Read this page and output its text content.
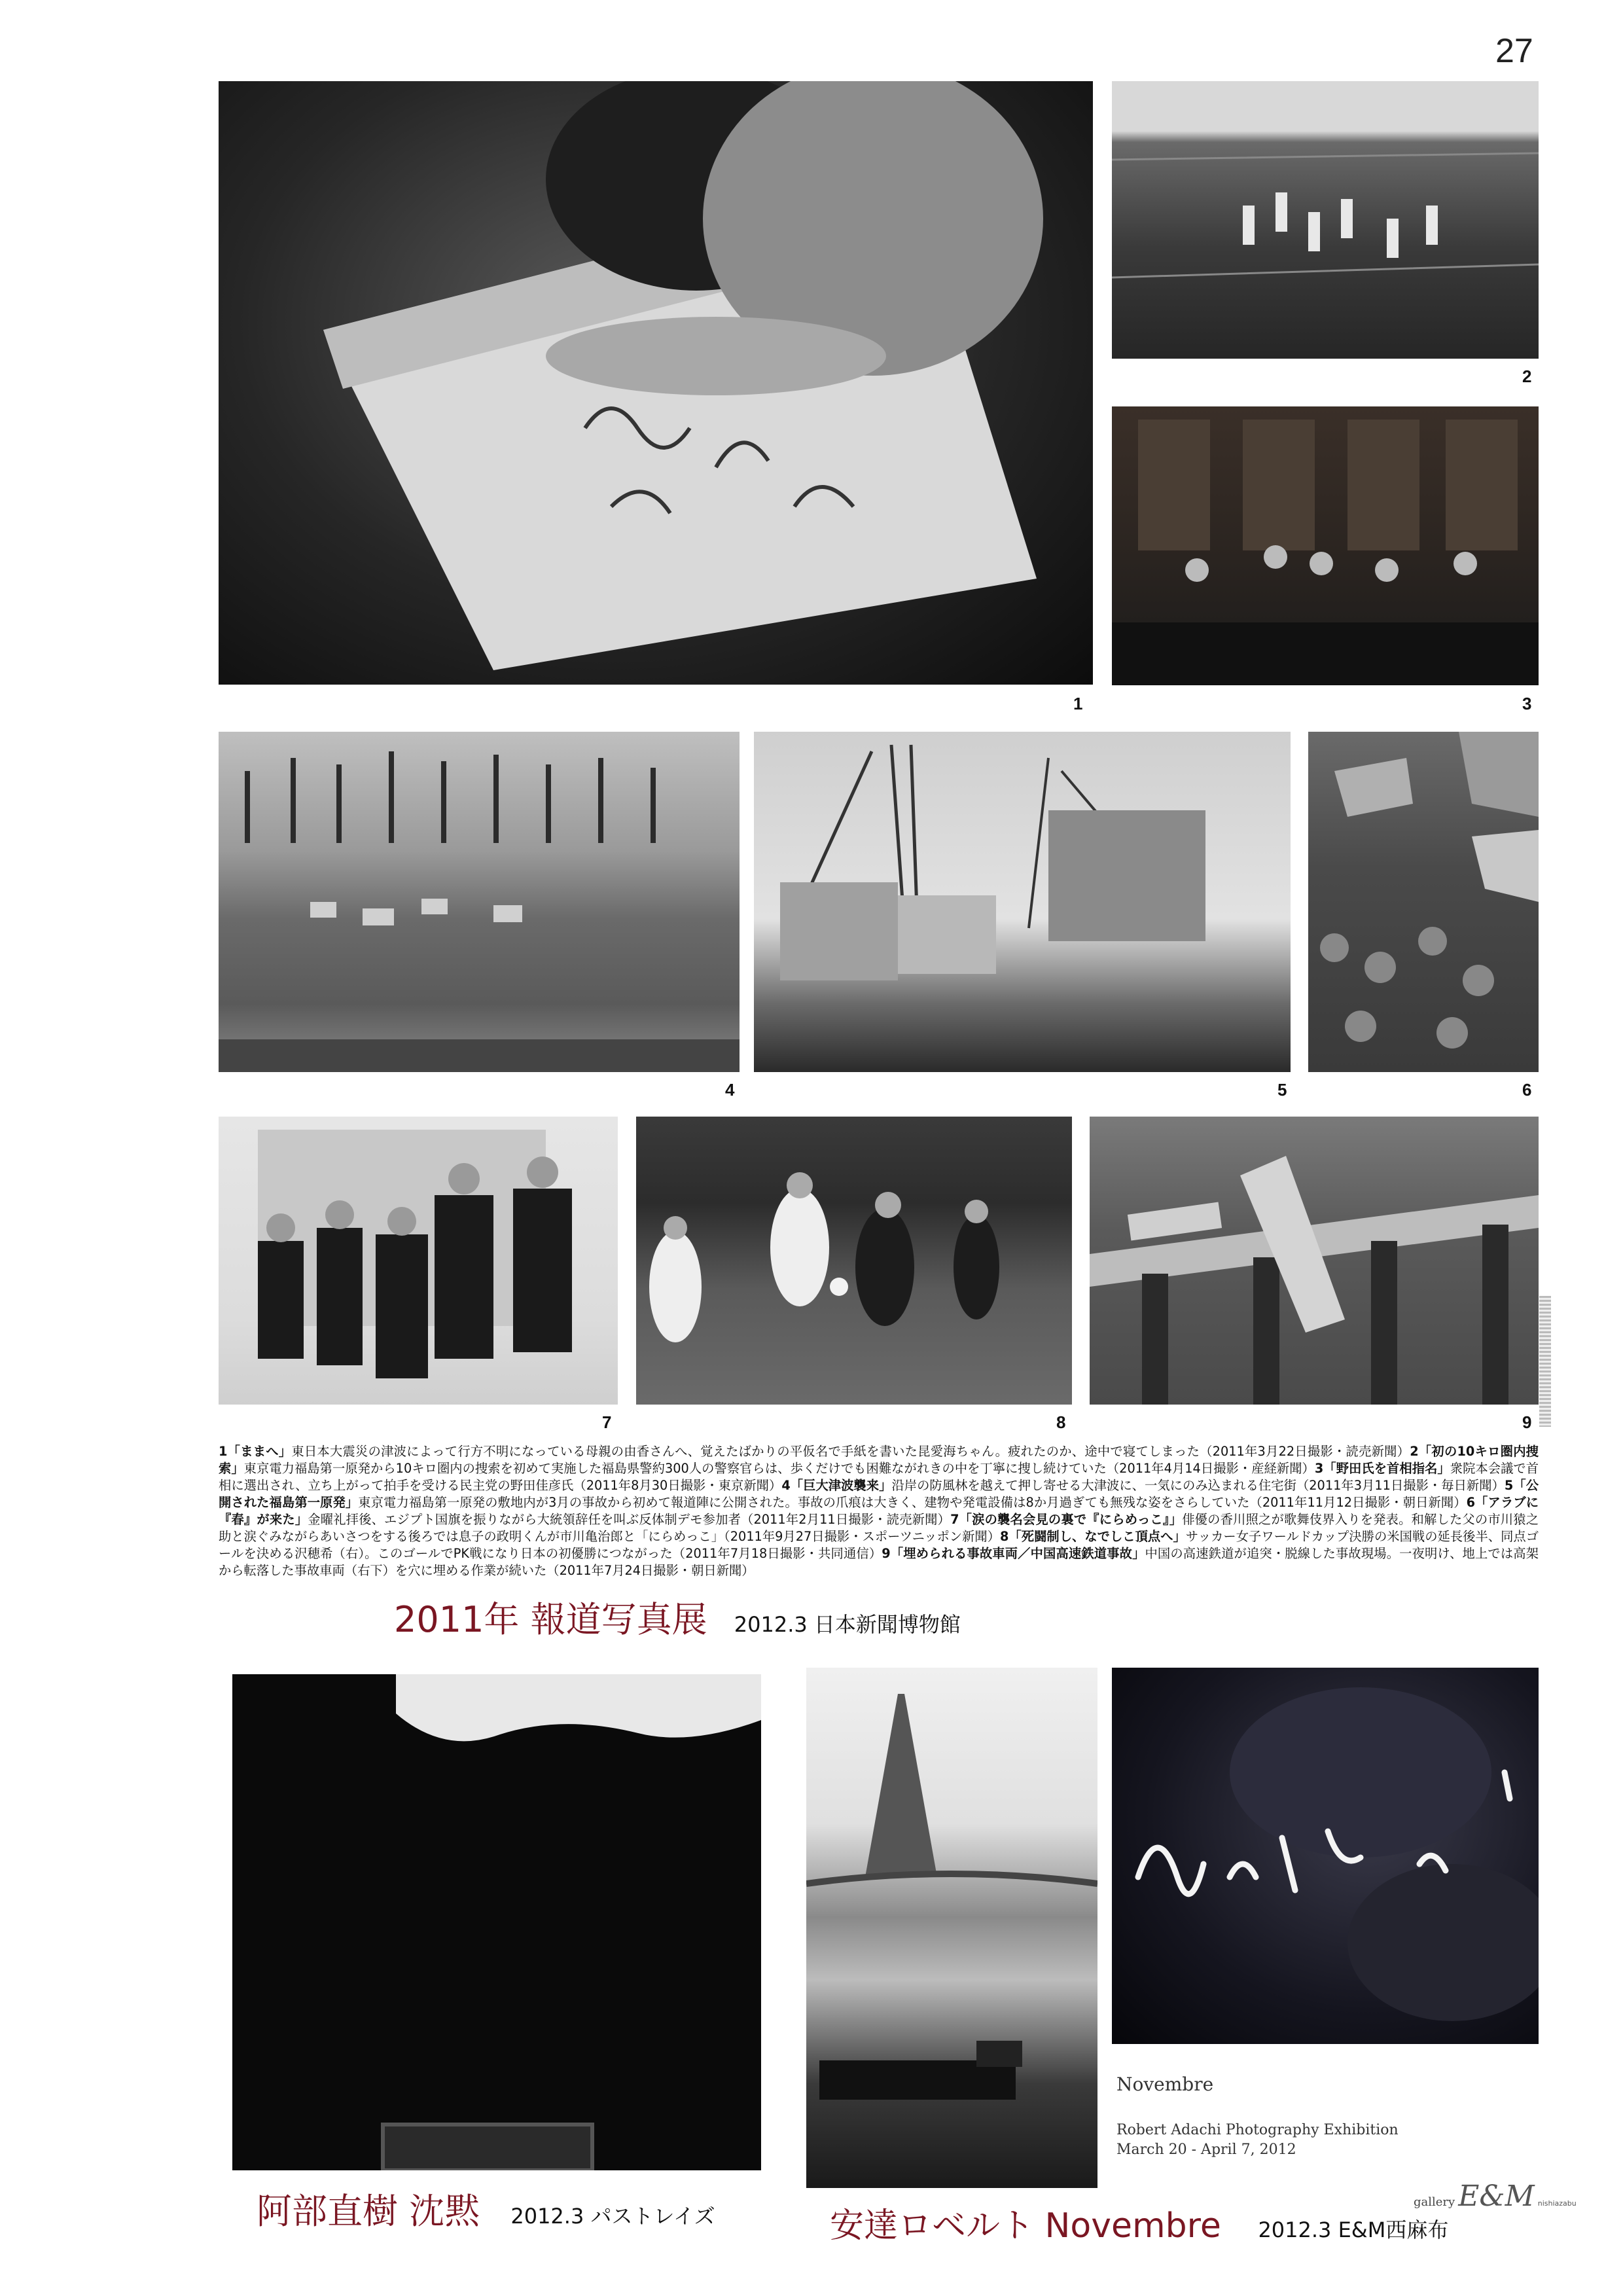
27
1
2
3
4	5	6
7	8	9
1「ままへ」東日本大震災の津波によって行方不明になっている母親の由香さんへ、覚えたばかりの平仮名で手紙を書いた昆愛海ちゃん。疲れたのか、途中で寝てしまった（2011年3月22日撮影・読売新聞）2「初の10キロ圏内捜索」東京電力福島第一原発から10キロ圏内の捜索を初めて実施した福島県警約300人の警察官らは、歩くだけでも困難ながれきの中を丁寧に捜し続けていた（2011年4月14日撮影・産経新聞）3「野田氏を首相指名」衆院本会議で首相に選出され、立ち上がって拍手を受ける民主党の野田佳彦氏（2011年8月30日撮影・東京新聞）4「巨大津波襲来」沿岸の防風林を越えて押し寄せる大津波に、一気にのみ込まれる住宅街（2011年3月11日撮影・毎日新聞）5「公開された福島第一原発」東京電力福島第一原発の敷地内が3月の事故から初めて報道陣に公開された。事故の爪痕は大きく、建物や発電設備は8か月過ぎても無残な姿をさらしていた（2011年11月12日撮影・朝日新聞）6「アラブに『春』が来た」金曜礼拝後、エジプト国旗を振りながら大統領辞任を叫ぶ反体制デモ参加者（2011年2月11日撮影・読売新聞）7「涙の襲名会見の裏で『にらめっこ』」俳優の香川照之が歌舞伎界入りを発表。和解した父の市川猿之助と涙ぐみながらあいさつをする後ろでは息子の政明くんが市川亀治郎と「にらめっこ」（2011年9月27日撮影・スポーツニッポン新聞）8「死闘制し、なでしこ頂点へ」サッカー女子ワールドカップ決勝の米国戦の延長後半、同点ゴールを決める沢穂希（右）。このゴールでPK戦になり日本の初優勝につながった（2011年7月18日撮影・共同通信）9「埋められる事故車両／中国高速鉄道事故」中国の高速鉄道が追突・脱線した事故現場。一夜明け、地上では高架から転落した事故車両（右下）を穴に埋める作業が続いた（2011年7月24日撮影・朝日新聞）
2011年 報道写真展 2012.3 日本新聞博物館
阿部直樹 沈黙 2012.3 パストレイズ	安達ロベルト Novembre 2012.3 E&M西麻布
Novembre
Robert Adachi Photography Exhibition
March 20 - April 7, 2012
gallery E&M nishiazabu
